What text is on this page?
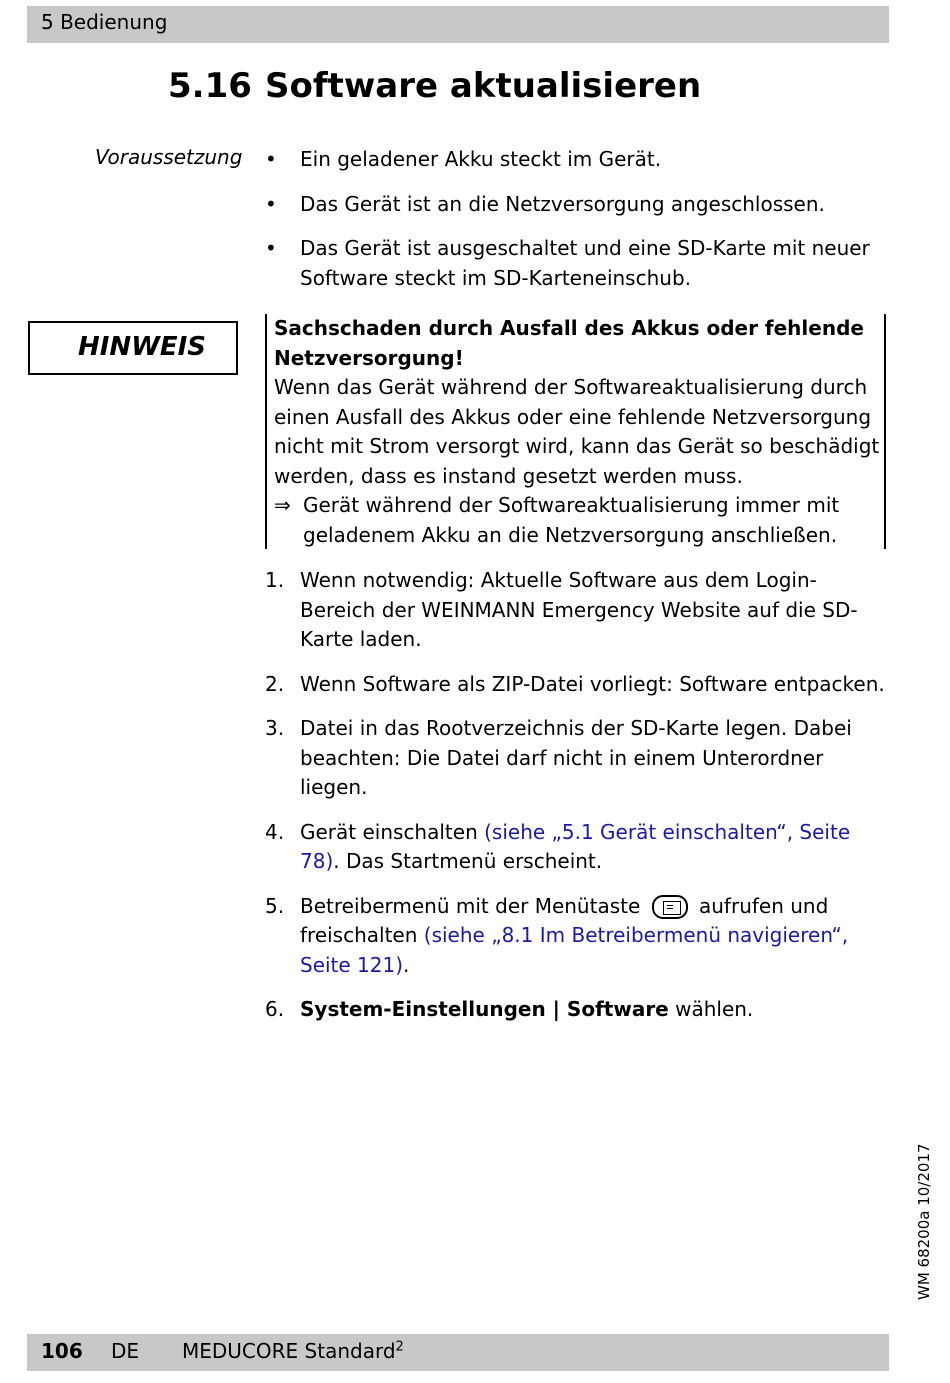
5 Bedienung
5.16 Software aktualisieren
Voraussetzung • Ein geladener Akku steckt im Gerät.
• Das Gerät ist an die Netzversorgung angeschlossen.
• Das Gerät ist ausgeschaltet und eine SD-Karte mit neuer Software steckt im SD-Karteneinschub.
HINWEIS
Sachschaden durch Ausfall des Akkus oder fehlende Netzversorgung!
Wenn das Gerät während der Softwareaktualisierung durch einen Ausfall des Akkus oder eine fehlende Netzversorgung nicht mit Strom versorgt wird, kann das Gerät so beschädigt werden, dass es instand gesetzt werden muss.
⇒ Gerät während der Softwareaktualisierung immer mit geladenem Akku an die Netzversorgung anschließen.
1. Wenn notwendig: Aktuelle Software aus dem Login-Bereich der WEINMANN Emergency Website auf die SD-Karte laden.
2. Wenn Software als ZIP-Datei vorliegt: Software entpacken.
3. Datei in das Rootverzeichnis der SD-Karte legen. Dabei beachten: Die Datei darf nicht in einem Unterordner liegen.
4. Gerät einschalten (siehe „5.1 Gerät einschalten“, Seite 78). Das Startmenü erscheint.
5. Betreibermenü mit der Menütaste	aufrufen und freischalten (siehe „8.1 Im Betreibermenü navigieren“, Seite 121).
6. System-Einstellungen | Software wählen.
WM 68200a 10/2017
106 DE MEDUCORE Standard$^2$
